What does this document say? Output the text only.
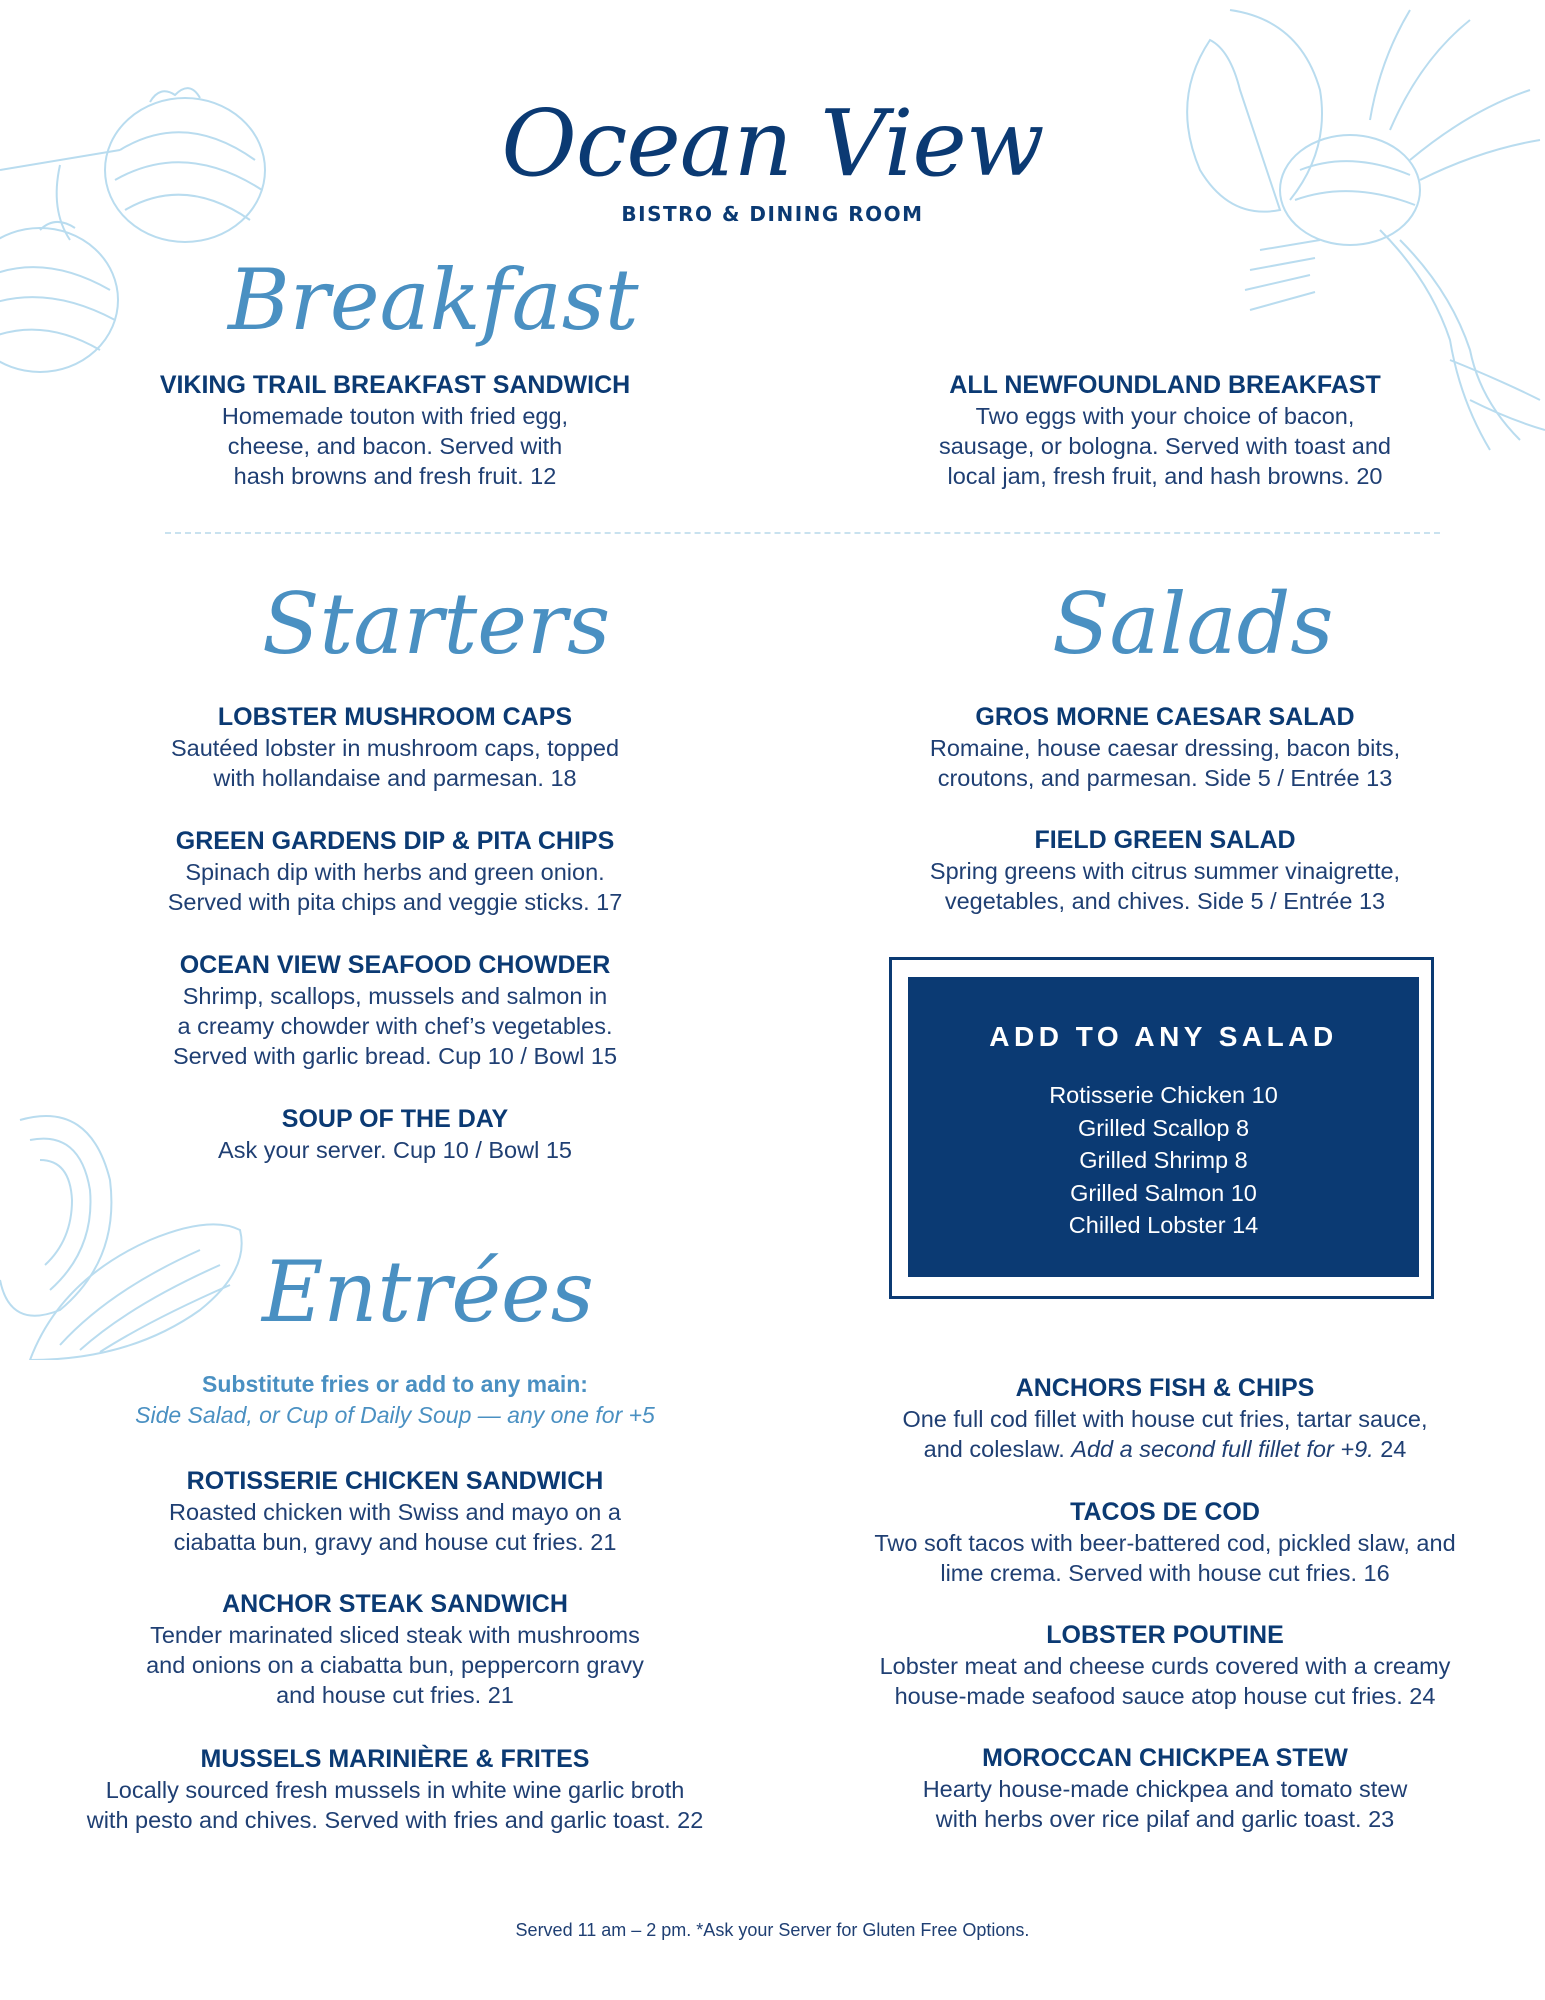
Ocean View
BISTRO & DINING ROOM
Breakfast
VIKING TRAIL BREAKFAST SANDWICH
Homemade touton with fried egg,
cheese, and bacon. Served with
hash browns and fresh fruit. 12
ALL NEWFOUNDLAND BREAKFAST
Two eggs with your choice of bacon,
sausage, or bologna. Served with toast and
local jam, fresh fruit, and hash browns. 20
Starters
LOBSTER MUSHROOM CAPS
Sautéed lobster in mushroom caps, topped
with hollandaise and parmesan. 18
GREEN GARDENS DIP & PITA CHIPS
Spinach dip with herbs and green onion.
Served with pita chips and veggie sticks. 17
OCEAN VIEW SEAFOOD CHOWDER
Shrimp, scallops, mussels and salmon in
a creamy chowder with chef’s vegetables.
Served with garlic bread. Cup 10 / Bowl 15
SOUP OF THE DAY
Ask your server. Cup 10 / Bowl 15
Salads
GROS MORNE CAESAR SALAD
Romaine, house caesar dressing, bacon bits,
croutons, and parmesan. Side 5 / Entrée 13
FIELD GREEN SALAD
Spring greens with citrus summer vinaigrette,
vegetables, and chives. Side 5 / Entrée 13
ADD TO ANY SALAD
Rotisserie Chicken 10
Grilled Scallop 8
Grilled Shrimp 8
Grilled Salmon 10
Chilled Lobster 14
Entrées
Substitute fries or add to any main:
Side Salad, or Cup of Daily Soup — any one for +5
ROTISSERIE CHICKEN SANDWICH
Roasted chicken with Swiss and mayo on a
ciabatta bun, gravy and house cut fries. 21
ANCHOR STEAK SANDWICH
Tender marinated sliced steak with mushrooms
and onions on a ciabatta bun, peppercorn gravy
and house cut fries. 21
MUSSELS MARINIÈRE & FRITES
Locally sourced fresh mussels in white wine garlic broth
with pesto and chives. Served with fries and garlic toast. 22
ANCHORS FISH & CHIPS
One full cod fillet with house cut fries, tartar sauce,
and coleslaw. Add a second full fillet for +9. 24
TACOS DE COD
Two soft tacos with beer-battered cod, pickled slaw, and
lime crema. Served with house cut fries. 16
LOBSTER POUTINE
Lobster meat and cheese curds covered with a creamy
house-made seafood sauce atop house cut fries. 24
MOROCCAN CHICKPEA STEW
Hearty house-made chickpea and tomato stew
with herbs over rice pilaf and garlic toast. 23
Served 11 am – 2 pm. *Ask your Server for Gluten Free Options.
